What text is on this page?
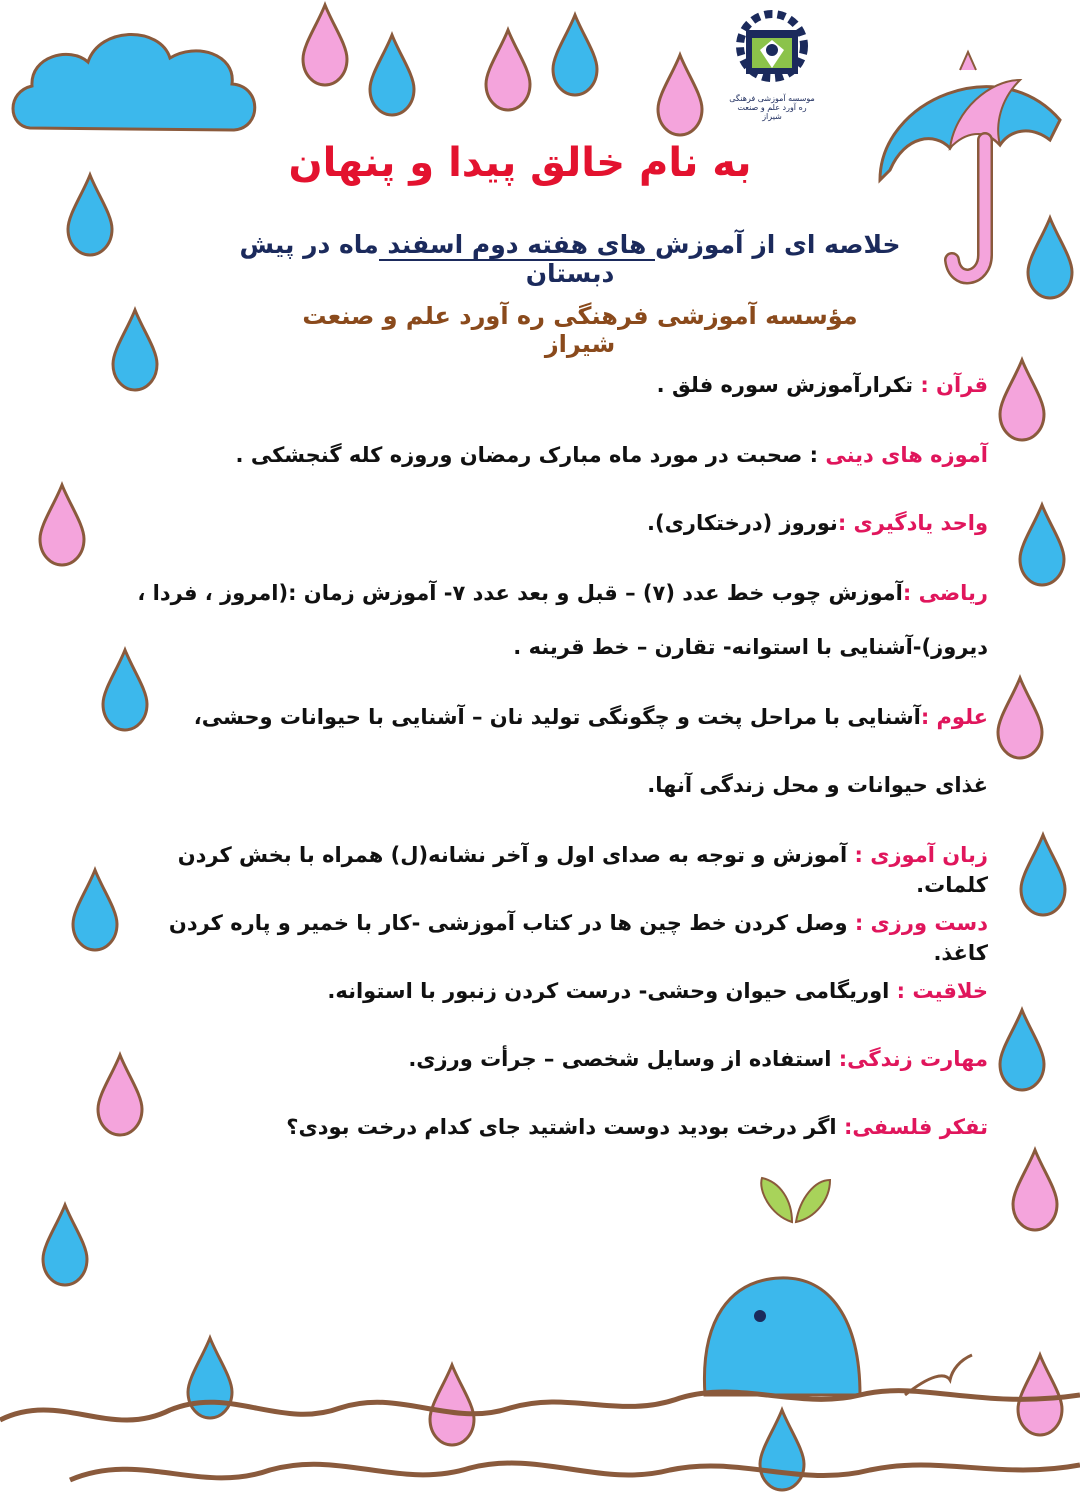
موسسه آموزشی فرهنگی ره آورد علم و صنعت شیراز
به نام خالق پیدا و پنهان
خلاصه ای از آموزش های هفته دوم اسفند ماه در پیش دبستان
مؤسسه آموزشی فرهنگی ره آورد علم و صنعت شیراز
قرآن : تکرارآموزش سوره فلق .
آموزه های دینی : صحبت در مورد ماه مبارک رمضان وروزه کله گنجشکی .
واحد یادگیری :نوروز (درختکاری).
ریاضی :آموزش چوب خط عدد (۷) – قبل و بعد عدد ۷- آموزش زمان :(امروز ، فردا ،
دیروز)-آشنایی با استوانه- تقارن – خط قرینه .
علوم :آشنایی با مراحل پخت و چگونگی تولید نان – آشنایی با حیوانات وحشی،
غذای حیوانات و محل زندگی آنها.
زبان آموزی : آموزش و توجه به صدای اول و آخر نشانه(ل) همراه با بخش کردن کلمات.
دست ورزی : وصل کردن خط چین ها در کتاب آموزشی -کار با خمیر و پاره کردن کاغذ.
خلاقیت : اوریگامی حیوان وحشی- درست کردن زنبور با استوانه.
مهارت زندگی: استفاده از وسایل شخصی – جرأت ورزی.
تفکر فلسفی: اگر درخت بودید دوست داشتید جای کدام درخت بودی؟
